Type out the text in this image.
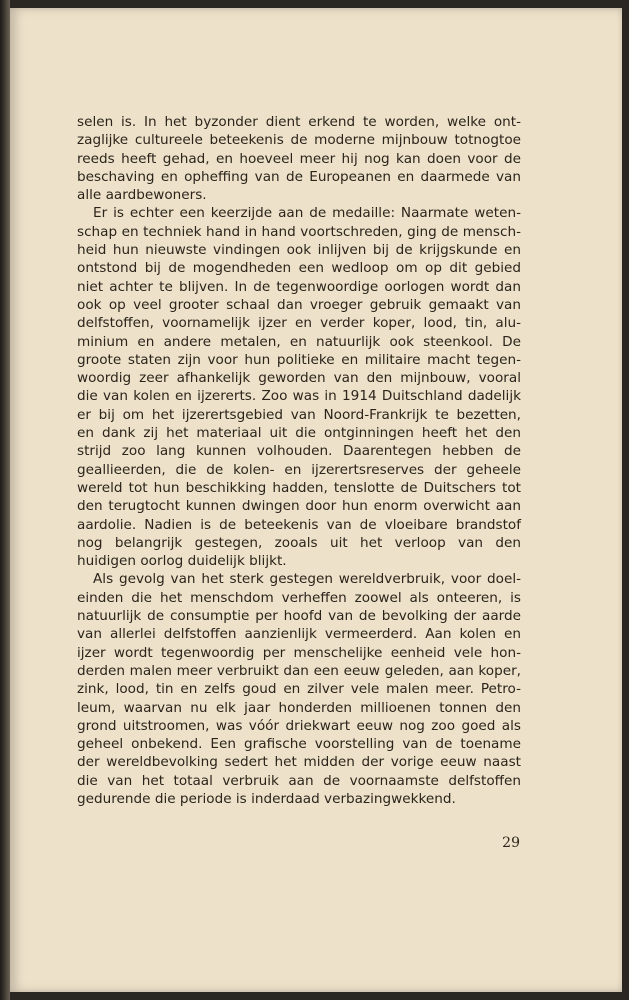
selen is. In het byzonder dient erkend te worden, welke ont-
zaglijke cultureele beteekenis de moderne mijnbouw totnogtoe
reeds heeft gehad, en hoeveel meer hij nog kan doen voor de
beschaving en opheffing van de Europeanen en daarmede van
alle aardbewoners.
Er is echter een keerzijde aan de medaille: Naarmate weten-
schap en techniek hand in hand voortschreden, ging de mensch-
heid hun nieuwste vindingen ook inlijven bij de krijgskunde en
ontstond bij de mogendheden een wedloop om op dit gebied
niet achter te blijven. In de tegenwoordige oorlogen wordt dan
ook op veel grooter schaal dan vroeger gebruik gemaakt van
delfstoffen, voornamelijk ijzer en verder koper, lood, tin, alu-
minium en andere metalen, en natuurlijk ook steenkool. De
groote staten zijn voor hun politieke en militaire macht tegen-
woordig zeer afhankelijk geworden van den mijnbouw, vooral
die van kolen en ijzererts. Zoo was in 1914 Duitschland dadelijk
er bij om het ijzerertsgebied van Noord-Frankrijk te bezetten,
en dank zij het materiaal uit die ontginningen heeft het den
strijd zoo lang kunnen volhouden. Daarentegen hebben de
geallieerden, die de kolen- en ijzerertsreserves der geheele
wereld tot hun beschikking hadden, tenslotte de Duitschers tot
den terugtocht kunnen dwingen door hun enorm overwicht aan
aardolie. Nadien is de beteekenis van de vloeibare brandstof
nog belangrijk gestegen, zooals uit het verloop van den
huidigen oorlog duidelijk blijkt.
Als gevolg van het sterk gestegen wereldverbruik, voor doel-
einden die het menschdom verheffen zoowel als onteeren, is
natuurlijk de consumptie per hoofd van de bevolking der aarde
van allerlei delfstoffen aanzienlijk vermeerderd. Aan kolen en
ijzer wordt tegenwoordig per menschelijke eenheid vele hon-
derden malen meer verbruikt dan een eeuw geleden, aan koper,
zink, lood, tin en zelfs goud en zilver vele malen meer. Petro-
leum, waarvan nu elk jaar honderden millioenen tonnen den
grond uitstroomen, was vóór driekwart eeuw nog zoo goed als
geheel onbekend. Een grafische voorstelling van de toename
der wereldbevolking sedert het midden der vorige eeuw naast
die van het totaal verbruik aan de voornaamste delfstoffen
gedurende die periode is inderdaad verbazingwekkend.
29
